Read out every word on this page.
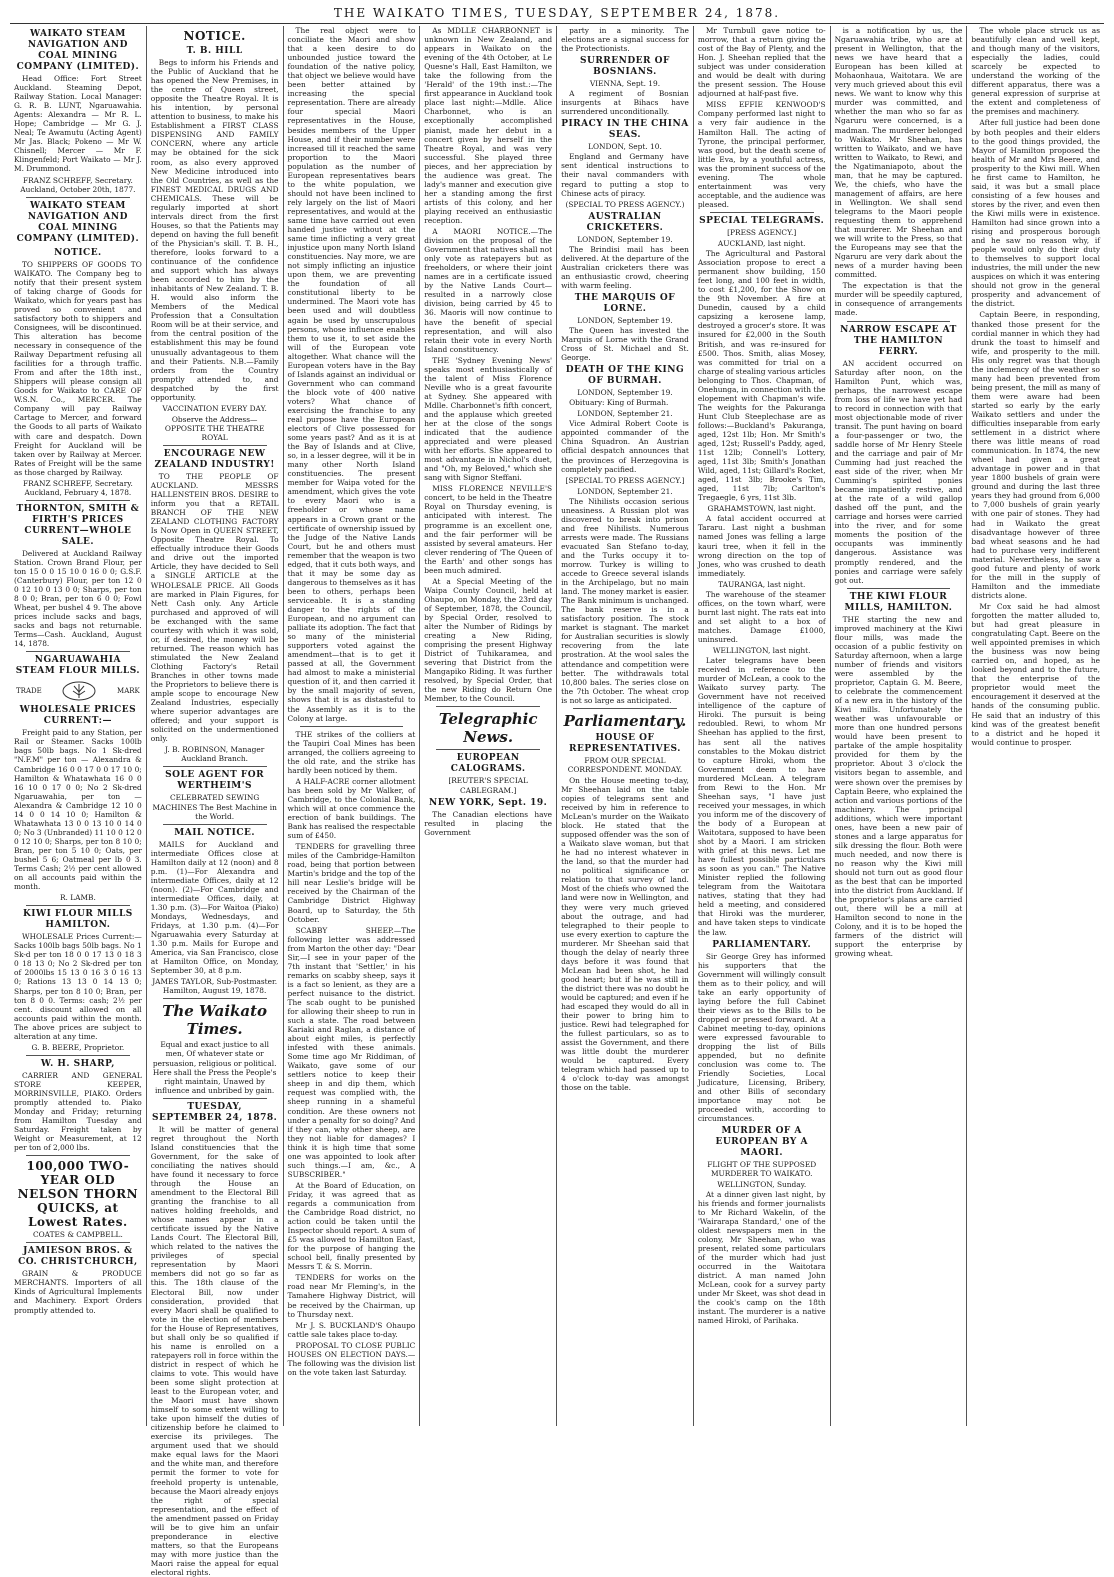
THE WAIKATO TIMES, TUESDAY, SEPTEMBER 24, 1878.
WAIKATO STEAM NAVIGATION AND COAL MINING COMPANY (LIMITED).

Head Office: Fort Street Auckland. Steaming Depot, Railway Station. Local Manager: G. R. B. LUNT, Ngaruawahia. Agents: Alexandra — Mr R. L. Hope; Cambridge — Mr G. J. Neal; Te Awamutu (Acting Agent) Mr Jas. Black; Pokeno — Mr W. Chisnell; Mercer — Mr F. Klingenfeld; Port Waikato — Mr J. M. Drummond.

FRANZ SCHREFF, Secretary. Auckland, October 20th, 1877.

WAIKATO STEAM NAVIGATION AND COAL MINING COMPANY (LIMITED).
NOTICE.

TO SHIPPERS OF GOODS TO WAIKATO. The Company beg to notify that their present system of taking charge of Goods for Waikato, which for years past has proved so convenient and satisfactory both to shippers and Consignees, will be discontinued. This alteration has become necessary in consequence of the Railway Department refusing all facilities for a through traffic. From and after the 18th inst., Shippers will please consign all Goods for Waikato to CARE OF W.S.N. Co., MERCER. The Company will pay Railway Cartage to Mercer, and forward the Goods to all parts of Waikato with care and despatch. Down Freight for Auckland will be taken over by Railway at Mercer. Rates of Freight will be the same as those charged by Railway.

FRANZ SCHREFF, Secretary. Auckland, February 4, 1878.

THORNTON, SMITH & FIRTH'S PRICES CURRENT—WHOLE SALE.

Delivered at Auckland Railway Station. Crown Brand Flour, per ton 15 0 0 15 10 0 16 0 0; G.S.F. (Canterbury) Flour, per ton 12 0 0 12 10 0 13 0 0; Sharps, per ton 8 0 0; Bran, per ton 6 0 0; Fowl Wheat, per bushel 4 9. The above prices include sacks and bags, sacks and bags not returnable. Terms—Cash. Auckland, August 14, 1878.

NGARUAWAHIA STEAM FLOUR MILLS.
TRADE	MARK
WHOLESALE PRICES CURRENT:—

Freight paid to any Station, per Rail or Steamer. Sacks 100lb bags 50lb bags. No 1 Sk-dred "N.F.M" per ton — Alexandra & Cambridge 16 0 0 17 0 0 17 10 0; Hamilton & Whatawhata 16 0 0 16 10 0 17 0 0; No 2 Sk-dred Ngaruawahia, per ton — Alexandra & Cambridge 12 10 0 14 0 0 14 10 0; Hamilton & Whatawhata 13 0 0 13 10 0 14 0 0; No 3 (Unbranded) 11 10 0 12 0 0 12 10 0; Sharps, per ton 8 10 0; Bran, per ton 5 10 0; Oats, per bushel 5 6; Oatmeal per lb 0 3. Terms Cash; 2½ per cent allowed on all accounts paid within the month.

R. LAMB.

KIWI FLOUR MILLS HAMILTON.

WHOLESALE Prices Current:— Sacks 100lb bags 50lb bags. No 1 Sk-d per ton 18 0 0 17 13 0 18 3 0 18 13 0; No 2 Sk-dred per ton of 2000lbs 15 13 0 16 3 0 16 13 0; Rations 13 13 0 14 13 0; Sharps, per ton 8 10 0; Bran, per ton 8 0 0. Terms: cash; 2½ per cent. discount allowed on all accounts paid within the month. The above prices are subject to alteration at any time.

G. B. BEERE, Proprietor.

W. H. SHARP,

CARRIER AND GENERAL STORE KEEPER, MORRINSVILLE, PIAKO. Orders promptly attended to. Piako Monday and Friday; returning from Hamilton Tuesday and Saturday. Freight taken by Weight or Measurement, at 12 per ton of 2,000 lbs.

100,000 TWO-YEAR OLD NELSON THORN QUICKS, at Lowest Rates.

COATES & CAMPBELL.

JAMIESON BROS. & CO. CHRISTCHURCH,

GRAIN & PRODUCE MERCHANTS. Importers of all Kinds of Agricultural Implements and Machinery. Export Orders promptly attended to.

NOTICE.
T. B. HILL

Begs to inform his Friends and the Public of Auckland that he has opened the New Premises, in the centre of Queen street, opposite the Theatre Royal. It is his intention, by personal attention to business, to make his Establishment a FIRST CLASS DISPENSING AND FAMILY CONCERN, where any article may be obtained for the sick room, as also every approved New Medicine introduced into the Old Countries, as well as the FINEST MEDICAL DRUGS AND CHEMICALS. These will be regularly imported at short intervals direct from the first Houses, so that the Patients may depend on having the full benefit of the Physician's skill. T. B. H., therefore, looks forward to a continuance of the confidence and support which has always been accorded to him by the inhabitants of New Zealand. T. B. H. would also inform the Members of the Medical Profession that a Consultation Room will be at their service, and from the central position of the establishment this may be found unusually advantageous to them and their Patients. N.B.—Family orders from the Country promptly attended to, and despatched by the first opportunity.

VACCINATION EVERY DAY.

Observe the Address— OPPOSITE THE THEATRE ROYAL

ENCOURAGE NEW ZEALAND INDUSTRY!

TO THE PEOPLE OF AUCKLAND. MESSRS HALLENSTEIN BROS. DESIRE to inform you that a RETAIL BRANCH OF THE NEW ZEALAND CLOTHING FACTORY Is Now Open in QUEEN STREET, Opposite Theatre Royal. To effectually introduce their Goods and drive out the imported Article, they have decided to Sell a SINGLE ARTICLE at the WHOLESALE PRICE. All Goods are marked in Plain Figures, for Nett Cash only. Any Article purchased and approved of will be exchanged with the same courtesy with which it was sold, or, if desired, the money will be returned. The reason which has stimulated the New Zealand Clothing Factory's Retail Branches in other towns made the Proprietors to believe there is ample scope to encourage New Zealand Industries, especially where superior advantages are offered; and your support is solicited on the undermentioned only.

J. B. ROBINSON, Manager Auckland Branch.

SOLE AGENT FOR WERTHEIM'S

CELEBRATED SEWING MACHINES The Best Machine in the World.

MAIL NOTICE.

MAILS for Auckland and intermediate Offices close at Hamilton daily at 12 (noon) and 8 p.m. (1)—For Alexandra and intermediate Offices, daily at 12 (noon). (2)—For Cambridge and intermediate Offices, daily, at 1.30 p.m. (3)—For Waitoa (Piako) Mondays, Wednesdays, and Fridays, at 1.30 p.m. (4)—For Ngaruawahia every Saturday at 1.30 p.m. Mails for Europe and America, via San Francisco, close at Hamilton Office, on Monday, September 30, at 8 p.m.

JAMES TAYLOR, Sub-Postmaster. Hamilton, August 19, 1878.

The Waikato Times.

Equal and exact justice to all men, Of whatever state or persuasion, religious or political. Here shall the Press the People's right maintain, Unawed by influence and unbribed by gain.

TUESDAY, SEPTEMBER 24, 1878.

It will be matter of general regret throughout the North Island constituencies that the Government, for the sake of conciliating the natives should have found it necessary to force through the House an amendment to the Electoral Bill granting the franchise to all natives holding freeholds, and whose names appear in a certificate issued by the Native Lands Court. The Electoral Bill, which related to the natives the privileges of special representation by Maori members did not go so far as this. The 18th clause of the Electoral Bill, now under consideration, provided that every Maori shall be qualified to vote in the election of members for the House of Representatives, but shall only be so qualified if his name is enrolled on a ratepayers roll in force within the district in respect of which he claims to vote. This would have been some slight protection at least to the European voter, and the Maori must have shown himself to some extent willing to take upon himself the duties of citizenship before he claimed to exercise its privileges. The argument used that we should make equal laws for the Maori and the white man, and therefore permit the former to vote for freehold property is untenable, because the Maori already enjoys the right of special representation, and the effect of the amendment passed on Friday will be to give him an unfair preponderance in elective matters, so that the Europeans may with more justice than the Maori raise the appeal for equal electoral rights.

The real object were to conciliate the Maori and show that a keen desire to do unbounded justice toward the foundation of the native policy, that object we believe would have been better attained by increasing the special representation. There are already four special Maori representatives in the House, besides members of the Upper House, and if their number were increased till it reached the same proportion to the Maori population as the number of European representatives bears to the white population, we should not have been inclined to rely largely on the list of Maori representatives, and would at the same time have carried out even handed justice without at the same time inflicting a very great injustice upon many North Island constituencies. Nay more, we are not simply inflicting an injustice upon them, we are preventing the foundation of all constitutional liberty to be undermined. The Maori vote has been used and will doubtless again be used by unscrupulous persons, whose influence enables them to use it, to set aside the will of the European vote altogether. What chance will the European voters have in the Bay of Islands against an individual or Government who can command the block vote of 400 native voters? What chance of exercising the franchise to any real purpose have the European electors of Clive possessed for some years past? And as it is at the Bay of Islands and at Clive, so, in a lesser degree, will it be in many other North Island constituencies. The present member for Waipa voted for the amendment, which gives the vote to every Maori who is a freeholder or whose name appears in a Crown grant or the certificate of ownership issued by the Judge of the Native Lands Court, but he and others must remember that the weapon is two edged, that it cuts both ways, and that it may be some day as dangerous to themselves as it has been to others, perhaps been serviceable. It is a standing danger to the rights of the European, and no argument can palliate its adoption. The fact that so many of the ministerial supporters voted against the amendment—that is to get it passed at all, the Government had almost to make a ministerial question of it, and then carried it by the small majority of seven, shows that it is as distasteful to the Assembly as it is to the Colony at large.

THE strikes of the colliers at the Taupiri Coal Mines has been arranged, the colliers agreeing to the old rate, and the strike has hardly been noticed by them.

A HALF-ACRE corner allotment has been sold by Mr Walker, of Cambridge, to the Colonial Bank, which will at once commence the erection of bank buildings. The Bank has realised the respectable sum of £450.

TENDERS for gravelling three miles of the Cambridge-Hamilton road, being that portion between Martin's bridge and the top of the hill near Leslie's bridge will be received by the Chairman of the Cambridge District Highway Board, up to Saturday, the 5th October.

SCABBY SHEEP.—The following letter was addressed from Marton the other day: "Dear Sir,—I see in your paper of the 7th instant that 'Settler,' in his remarks on scabby sheep, says it is a fact so lenient, as they are a perfect nuisance to the district. The scab ought to be punished for allowing their sheep to run in such a state. The road between Kariaki and Raglan, a distance of about eight miles, is perfectly infested with these animals. Some time ago Mr Riddiman, of Waikato, gave some of our settlers notice to keep their sheep in and dip them, which request was complied with, the sheep running in a shameful condition. Are these owners not under a penalty for so doing? And if they can, why other sheep, are they not liable for damages? I think it is high time that some one was appointed to look after such things.—I am, &c., A SUBSCRIBER."

At the Board of Education, on Friday, it was agreed that as regards a communication from the Cambridge Road district, no action could be taken until the Inspector should report. A sum of £5 was allowed to Hamilton East, for the purpose of hanging the school bell, finally presented by Messrs T. & S. Morrin.

TENDERS for works on the road near Mr Fleming's, in the Tamahere Highway District, will be received by the Chairman, up to Thursday next.

Mr J. S. BUCKLAND'S Ohaupo cattle sale takes place to-day.

PROPOSAL TO CLOSE PUBLIC HOUSES ON ELECTION DAYS.—The following was the division list on the vote taken last Saturday.

As MDLLE CHARBONNET is unknown in New Zealand, and appears in Waikato on the evening of the 4th October, at Le Quesne's Hall, East Hamilton, we take the following from the 'Herald' of the 19th inst.:—The first appearance in Auckland took place last night:—Mdlle. Alice Charbonnet, who is an exceptionally accomplished pianist, made her debut in a concert given by herself in the Theatre Royal, and was very successful. She played three pieces, and her appreciation by the audience was great. The lady's manner and execution give her a standing among the first artists of this colony, and her playing received an enthusiastic reception.

A MAORI NOTICE.—The division on the proposal of the Government that natives shall not only vote as ratepayers but as freeholders, or where their joint names are in a certificate issued by the Native Lands Court—resulted in a narrowly close division, being carried by 45 to 36. Maoris will now continue to have the benefit of special representation, and will also retain their vote in every North Island constituency.

THE 'Sydney Evening News' speaks most enthusiastically of the talent of Miss Florence Neville who is a great favourite at Sydney. She appeared with Mdlle. Charbonnet's fifth concert, and the applause which greeted her at the close of the songs indicated that the audience appreciated and were pleased with her efforts. She appeared to most advantage in Nichol's duet, and "Oh, my Beloved," which she sang with Signor Steffani.

MISS FLORENCE NEVILLE'S concert, to be held in the Theatre Royal on Thursday evening, is anticipated with interest. The programme is an excellent one, and the fair performer will be assisted by several amateurs. Her clever rendering of 'The Queen of the Earth' and other songs has been much admired.

At a Special Meeting of the Waipa County Council, held at Ohaupo, on Monday, the 23rd day of September, 1878, the Council, by Special Order, resolved to alter the Number of Ridings by creating a New Riding, comprising the present Highway District of Tuhikaramea, and severing that District from the Mangapiko Riding. It was further resolved, by Special Order, that the new Riding do Return One Member, to the Council.

Telegraphic News.
EUROPEAN CALOGRAMS.

[REUTER'S SPECIAL CABLEGRAM.]

NEW YORK, Sept. 19.

The Canadian elections have resulted in placing the Government

party in a minority. The elections are a signal success for the Protectionists.

SURRENDER OF BOSNIANS.
VIENNA, Sept. 19.

A regiment of Bosnian insurgents at Bihacs have surrendered unconditionally.

PIRACY IN THE CHINA SEAS.
LONDON, Sept. 10.

England and Germany have sent identical instructions to their naval commanders with regard to putting a stop to Chinese acts of piracy.

(SPECIAL TO PRESS AGENCY.)

AUSTRALIAN CRICKETERS.
LONDON, September 19.

The Brindisi mail has been delivered. At the departure of the Australian cricketers there was an enthusiastic crowd, cheering with warm feeling.

THE MARQUIS OF LORNE.
LONDON, September 19.

The Queen has invested the Marquis of Lorne with the Grand Cross of St. Michael and St. George.

DEATH OF THE KING OF BURMAH.
LONDON, September 19.

Obituary: King of Burmah.

LONDON, September 21.

Vice Admiral Robert Coote is appointed commander of the China Squadron. An Austrian official despatch announces that the provinces of Herzegovina is completely pacified.

[SPECIAL TO PRESS AGENCY.]

LONDON, September 21.

The Nihilists occasion serious uneasiness. A Russian plot was discovered to break into prison and free Nihilists. Numerous arrests were made. The Russians evacuated San Stefano to-day, and the Turks occupy it to-morrow. Turkey is willing to accede to Greece several islands in the Archipelago, but no main land. The money market is easier. The Bank minimum is unchanged. The bank reserve is in a satisfactory position. The stock market is stagnant. The market for Australian securities is slowly recovering from the late prostration. At the wool sales the attendance and competition were better. The withdrawals total 10,800 bales. The series close on the 7th October. The wheat crop is not so large as anticipated.

Parliamentary.
HOUSE OF REPRESENTATIVES.

FROM OUR SPECIAL CORRESPONDENT. MONDAY.

On the House meeting to-day, Mr Sheehan laid on the table copies of telegrams sent and received by him in reference to McLean's murder on the Waikato block. He stated that the supposed offender was the son of a Waikato slave woman, but that he had no interest whatever in the land, so that the murder had no political significance or relation to that survey of land. Most of the chiefs who owned the land were now in Wellington, and they were very much grieved about the outrage, and had telegraphed to their people to use every exertion to capture the murderer. Mr Sheehan said that though the delay of nearly three days before it was found that McLean had been shot, he had good heart; but if he was still in the district there was no doubt he would be captured; and even if he had escaped they would do all in their power to bring him to justice. Rewi had telegraphed for the fullest particulars, so as to assist the Government, and there was little doubt the murderer would be captured. Every telegram which had passed up to 4 o'clock to-day was amongst those on the table.

Mr Turnbull gave notice to-morrow, that a return giving the cost of the Bay of Plenty, and the Hon. J. Sheehan replied that the subject was under consideration and would be dealt with during the present session. The House adjourned at half-past five.

MISS EFFIE KENWOOD'S Company performed last night to a very fair audience in the Hamilton Hall. The acting of Tyrone, the principal performer, was good, but the death scene of little Eva, by a youthful actress, was the prominent success of the evening. The whole entertainment was very acceptable, and the audience was pleased.

SPECIAL TELEGRAMS.

[PRESS AGENCY.]

AUCKLAND, last night.

The Agricultural and Pastoral Association propose to erect a permanent show building, 150 feet long, and 100 feet in width, to cost £1,200, for the Show on the 9th November. A fire at Dunedin, caused by a child capsizing a kerosene lamp, destroyed a grocer's store. It was insured for £2,000 in the South British, and was re-insured for £500. Thos. Smith, alias Mosey, was committed for trial on a charge of stealing various articles belonging to Thos. Chapman, of Onehunga, in connection with the elopement with Chapman's wife. The weights for the Pakuranga Hunt Club Steeplechase are as follows:—Buckland's Pakuranga, aged, 12st 1lb; Hon. Mr Smith's aged, 12st; Russell's Paddy, aged, 11st 12lb; Connell's Lottery, aged, 11st 3lb; Smith's Jonathan Wild, aged, 11st; Gillard's Rocket, aged, 11st 3lb; Brooke's Tim, aged, 11st 7lb; Carlton's Tregaegle, 6 yrs, 11st 3lb.

GRAHAMSTOWN, last night.

A fatal accident occurred at Tararu. Last night a bushman named Jones was felling a large kauri tree, when it fell in the wrong direction on the top of Jones, who was crushed to death immediately.

TAURANGA, last night.

The warehouse of the steamer offices, on the town wharf, were burnt last night. The rats eat into and set alight to a box of matches. Damage £1000, uninsured.

WELLINGTON, last night.

Later telegrams have been received in reference to the murder of McLean, a cook to the Waikato survey party. The Government have not received intelligence of the capture of Hiroki. The pursuit is being redoubled. Rewi, to whom Mr Sheehan has applied to the first, has sent all the natives constables to the Mokau district to capture Hiroki, whom the Government deem to have murdered McLean. A telegram from Rewi to the Hon. Mr Sheehan says, "I have just received your messages, in which you inform me of the discovery of the body of a European at Waitotara, supposed to have been shot by a Maori. I am stricken with grief at this news. Let me have fullest possible particulars as soon as you can." The Native Minister replied the following telegram from the Waitotara natives, stating that they had held a meeting, and considered that Hiroki was the murderer, and have taken steps to vindicate the law.

PARLIAMENTARY.

Sir George Grey has informed his supporters that the Government will willingly consult them as to their policy, and will take an early opportunity of laying before the full Cabinet their views as to the Bills to be dropped or pressed forward. At a Cabinet meeting to-day, opinions were expressed favourable to dropping the list of Bills appended, but no definite conclusion was come to. The Friendly Societies, Local Judicature, Licensing, Bribery, and other Bills of secondary importance may not be proceeded with, according to circumstances.

MURDER OF A EUROPEAN BY A MAORI.
FLIGHT OF THE SUPPOSED MURDERER TO WAIKATO.
WELLINGTON, Sunday.

At a dinner given last night, by his friends and former journalists to Mr Richard Wakelin, of the 'Wairarapa Standard,' one of the oldest newspapers men in the colony, Mr Sheehan, who was present, related some particulars of the murder which had just occurred in the Waitotara district. A man named John McLean, cook for a survey party under Mr Skeet, was shot dead in the cook's camp on the 18th instant. The murderer is a native named Hiroki, of Parihaka.

is a notification by us, the Ngaruawahia tribe, who are at present in Wellington, that the news we have heard that a European has been killed at Mohaonhaua, Waitotara. We are very much grieved about this evil news. We want to know why this murder was committed, and whether the man who so far as Ngaruru were concerned, is a madman. The murderer belonged to Waikato. Mr Sheehan, has written to Waikato, and we have written to Waikato, to Rewi, and the Ngatimaniapoto, about the man, that he may be captured. We, the chiefs, who have the management of affairs, are here in Wellington. We shall send telegrams to the Maori people requesting them to apprehend that murderer. Mr Sheehan and we will write to the Press, so that the Europeans may see that the Ngaruru are very dark about the news of a murder having been committed.

The expectation is that the murder will be speedily captured, in consequence of arrangements made.

NARROW ESCAPE AT THE HAMILTON FERRY.

AN accident occurred on Saturday after noon, on the Hamilton Punt, which was, perhaps, the narrowest escape from loss of life we have yet had to record in connection with that most objectionable mode of river transit. The punt having on board a four-passenger or two, the saddle horse of Mr Henry Steele and the carriage and pair of Mr Cumming had just reached the east side of the river, when Mr Cumming's spirited ponies became impatiently restive, and at the rate of a wild gallop dashed off the punt, and the carriage and horses were carried into the river, and for some moments the position of the occupants was imminently dangerous. Assistance was promptly rendered, and the ponies and carriage were safely got out.

THE KIWI FLOUR MILLS, HAMILTON.

THE starting the new and improved machinery at the Kiwi flour mills, was made the occasion of a public festivity on Saturday afternoon, when a large number of friends and visitors were assembled by the proprietor, Captain G. M. Beere, to celebrate the commencement of a new era in the history of the Kiwi mills. Unfortunately the weather was unfavourable or more than one hundred persons would have been present to partake of the ample hospitality provided for them by the proprietor. About 3 o'clock the visitors began to assemble, and were shown over the premises by Captain Beere, who explained the action and various portions of the machinery. The principal additions, which were important ones, have been a new pair of stones and a large apparatus for silk dressing the flour. Both were much needed, and now there is no reason why the Kiwi mill should not turn out as good flour as the best that can be imported into the district from Auckland. If the proprietor's plans are carried out, there will be a mill at Hamilton second to none in the Colony, and it is to be hoped the farmers of the district will support the enterprise by growing wheat.

The whole place struck us as beautifully clean and well kept, and though many of the visitors, especially the ladies, could scarcely be expected to understand the working of the different apparatus, there was a general expression of surprise at the extent and completeness of the premises and machinery.

After full justice had been done by both peoples and their elders to the good things provided, the Mayor of Hamilton proposed the health of Mr and Mrs Beere, and prosperity to the Kiwi mill. When he first came to Hamilton, he said, it was but a small place consisting of a few houses and stores by the river, and even then the Kiwi mills were in existence. Hamilton had since grown into a rising and prosperous borough and he saw no reason why, if people would only do their duty to themselves to support local industries, the mill under the new auspices on which it was entering should not grow in the general prosperity and advancement of the district.

Captain Beere, in responding, thanked those present for the cordial manner in which they had drunk the toast to himself and wife, and prosperity to the mill. His only regret was that though the inclemency of the weather so many had been prevented from being present, the mill as many of them were aware had been started so early by the early Waikato settlers and under the difficulties inseparable from early settlement in a district where there was little means of road communication. In 1874, the new wheel had given a great advantage in power and in that year 1800 bushels of grain were ground and during the last three years they had ground from 6,000 to 7,000 bushels of grain yearly with one pair of stones. They had had in Waikato the great disadvantage however of three bad wheat seasons and he had had to purchase very indifferent material. Nevertheless, he saw a good future and plenty of work for the mill in the supply of Hamilton and the immediate districts alone.

Mr Cox said he had almost forgotten the matter alluded to, but had great pleasure in congratulating Capt. Beere on the well appointed premises in which the business was now being carried on, and hoped, as he looked beyond and to the future, that the enterprise of the proprietor would meet the encouragement it deserved at the hands of the consuming public. He said that an industry of this kind was of the greatest benefit to a district and he hoped it would continue to prosper.
